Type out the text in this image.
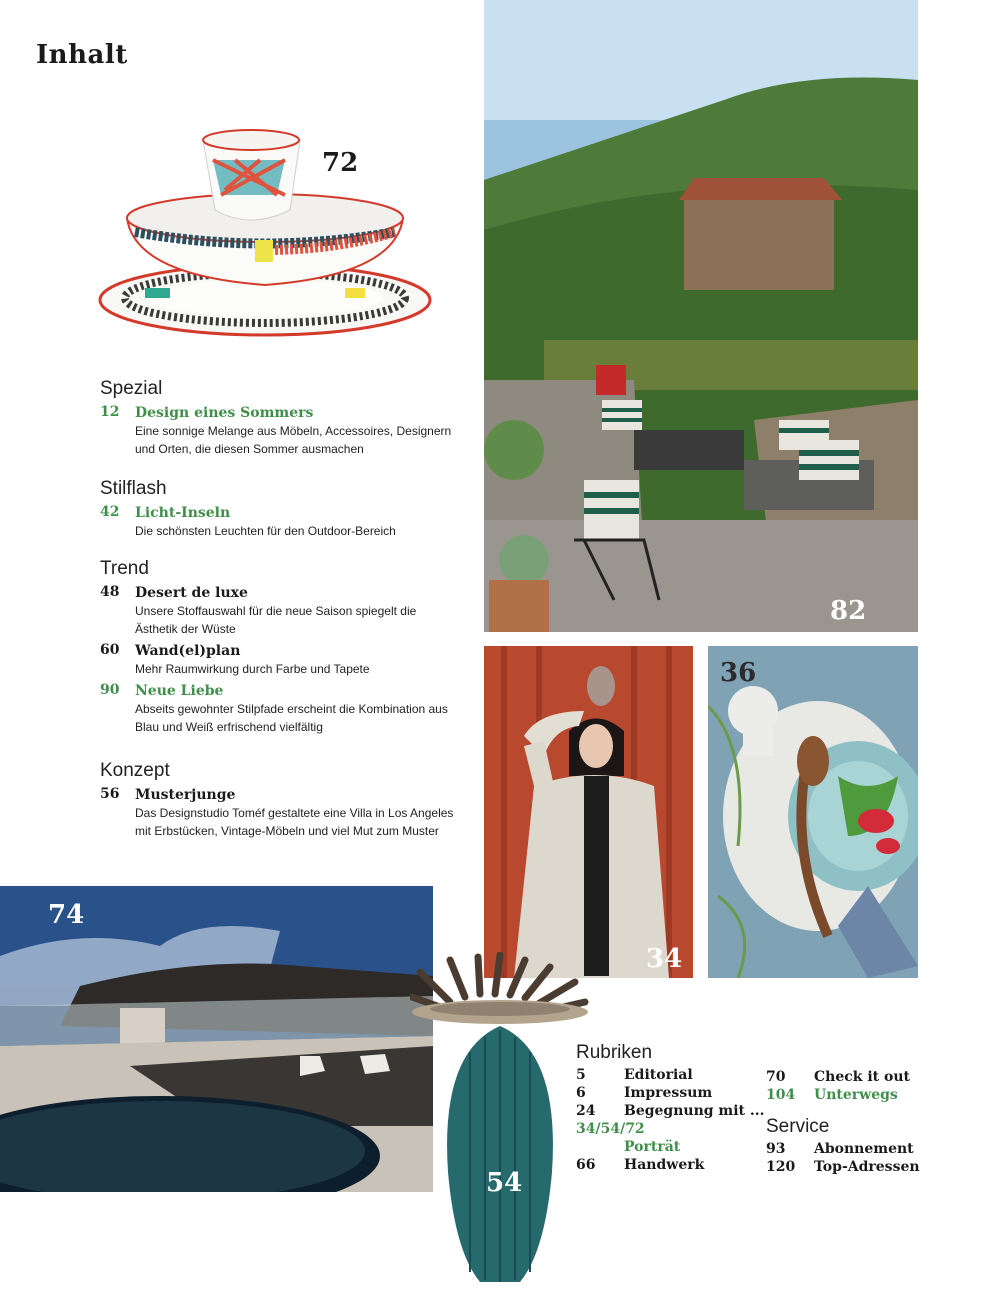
Inhalt
72
82
34
36
74
54
Spezial
12 Design eines Sommers
Eine sonnige Melange aus Möbeln, Accessoires, Designern und Orten, die diesen Sommer ausmachen
Stilflash
42 Licht-Inseln
Die schönsten Leuchten für den Outdoor-Bereich
Trend
48 Desert de luxe
Unsere Stoffauswahl für die neue Saison spiegelt die Ästhetik der Wüste
60 Wand(el)plan
Mehr Raumwirkung durch Farbe und Tapete
90 Neue Liebe
Abseits gewohnter Stilpfade erscheint die Kombination aus Blau und Weiß erfrischend vielfältig
Konzept
56 Musterjunge
Das Designstudio Toméf gestaltete eine Villa in Los Angeles mit Erbstücken, Vintage-Möbeln und viel Mut zum Muster
Rubriken
5	Editorial
6	Impressum
24 Begegnung mit ...
34/54/72
Porträt
66 Handwerk
70 Check it out
104 Unterwegs
Service
93 Abonnement
120 Top-Adressen
